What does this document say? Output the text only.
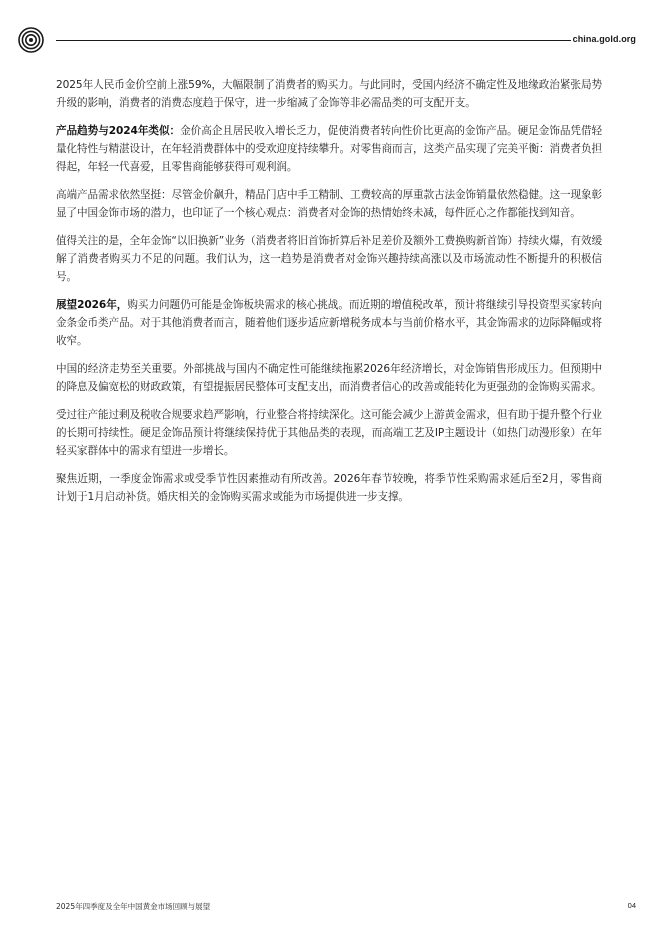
china.gold.org

2025年人民币金价空前上涨59%，大幅限制了消费者的购买力。与此同时，受国内经济不确定性及地缘政治紧张局势升级的影响，消费者的消费态度趋于保守，进一步缩减了金饰等非必需品类的可支配开支。

产品趋势与2024年类似：金价高企且居民收入增长乏力，促使消费者转向性价比更高的金饰产品。硬足金饰品凭借轻量化特性与精湛设计，在年轻消费群体中的受欢迎度持续攀升。对零售商而言，这类产品实现了完美平衡：消费者负担得起，年轻一代喜爱，且零售商能够获得可观利润。

高端产品需求依然坚挺：尽管金价飙升，精品门店中手工精制、工费较高的厚重款古法金饰销量依然稳健。这一现象彰显了中国金饰市场的潜力，也印证了一个核心观点：消费者对金饰的热情始终未减，每件匠心之作都能找到知音。

值得关注的是，全年金饰“以旧换新”业务（消费者将旧首饰折算后补足差价及额外工费换购新首饰）持续火爆，有效缓解了消费者购买力不足的问题。我们认为，这一趋势是消费者对金饰兴趣持续高涨以及市场流动性不断提升的积极信号。

展望2026年，购买力问题仍可能是金饰板块需求的核心挑战。而近期的增值税改革，预计将继续引导投资型买家转向金条金币类产品。对于其他消费者而言，随着他们逐步适应新增税务成本与当前价格水平，其金饰需求的边际降幅或将收窄。

中国的经济走势至关重要。外部挑战与国内不确定性可能继续拖累2026年经济增长，对金饰销售形成压力。但预期中的降息及偏宽松的财政政策，有望提振居民整体可支配支出，而消费者信心的改善或能转化为更强劲的金饰购买需求。

受过往产能过剩及税收合规要求趋严影响，行业整合将持续深化。这可能会减少上游黄金需求，但有助于提升整个行业的长期可持续性。硬足金饰品预计将继续保持优于其他品类的表现，而高端工艺及IP主题设计（如热门动漫形象）在年轻买家群体中的需求有望进一步增长。

聚焦近期，一季度金饰需求或受季节性因素推动有所改善。2026年春节较晚，将季节性采购需求延后至2月，零售商计划于1月启动补货。婚庆相关的金饰购买需求或能为市场提供进一步支撑。

2025年四季度及全年中国黄金市场回顾与展望	04
